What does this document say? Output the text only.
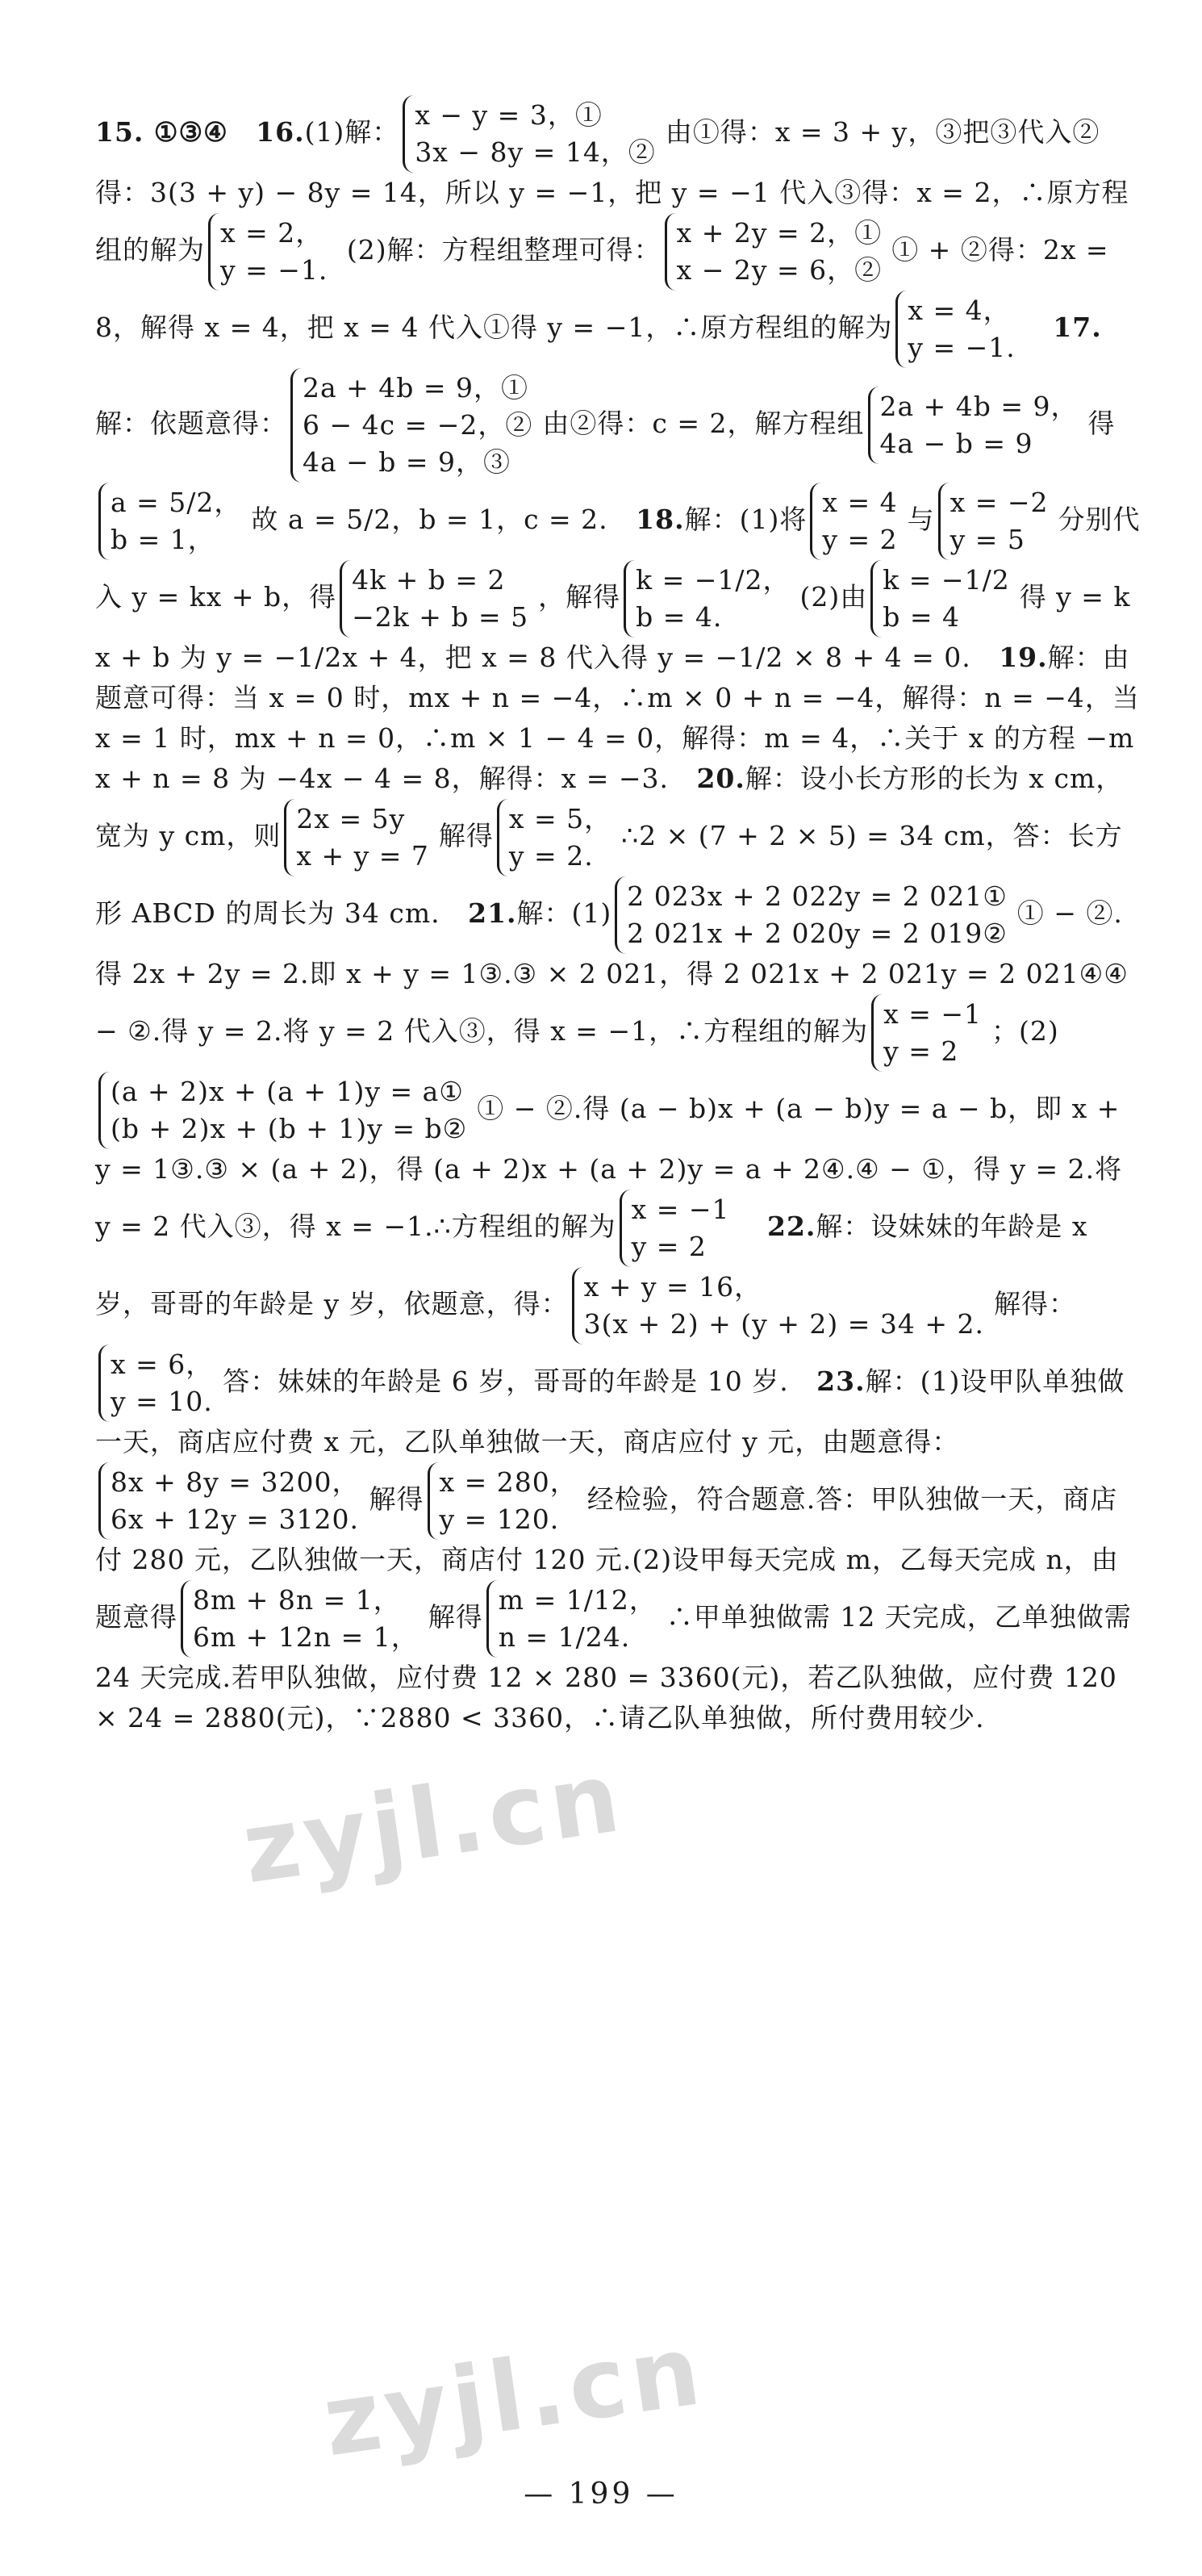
15. ①③④ 16.(1)解：
x − y = 3，①
3x − 8y = 14，②
由①得：x = 3 + y，③把③代入②得：3(3 + y) − 8y = 14，所以 y = −1，把 y = −1 代入③得：x = 2，∴原方程组的解为
x = 2，
y = −1.
(2)解：方程组整理可得：
x + 2y = 2，①
x − 2y = 6，②
① + ②得：2x = 8，解得 x = 4，把 x = 4 代入①得 y = −1，∴原方程组的解为
x = 4，
y = −1.
17.解：依题意得：
2a + 4b = 9，①
6 − 4c = −2，②
4a − b = 9，③
由②得：c = 2，解方程组
2a + 4b = 9，
4a − b = 9
得
a = 5/2，
b = 1，
故 a = 5/2，b = 1，c = 2. 18.解：(1)将
x = 4
y = 2
与
x = −2
y = 5
分别代入 y = kx + b，得
4k + b = 2
−2k + b = 5
，解得
k = −1/2，
b = 4.
(2)由
k = −1/2
b = 4
得 y = kx + b 为 y = −1/2x + 4，把 x = 8 代入得 y = −1/2 × 8 + 4 = 0. 19.解：由题意可得：当 x = 0 时，mx + n = −4，∴m × 0 + n = −4，解得：n = −4，当 x = 1 时，mx + n = 0，∴m × 1 − 4 = 0，解得：m = 4，∴关于 x 的方程 −mx + n = 8 为 −4x − 4 = 8，解得：x = −3. 20.解：设小长方形的长为 x cm，宽为 y cm，则
2x = 5y
x + y = 7
解得
x = 5，
y = 2.
∴2 × (7 + 2 × 5) = 34 cm，答：长方形 ABCD 的周长为 34 cm. 21.解：(1)
2 023x + 2 022y = 2 021①
2 021x + 2 020y = 2 019②
① − ②.得 2x + 2y = 2.即 x + y = 1③.③ × 2 021，得 2 021x + 2 021y = 2 021④④ − ②.得 y = 2.将 y = 2 代入③，得 x = −1，∴方程组的解为
x = −1
y = 2
；(2)
(a + 2)x + (a + 1)y = a①
(b + 2)x + (b + 1)y = b②
① − ②.得 (a − b)x + (a − b)y = a − b，即 x + y = 1③.③ × (a + 2)，得 (a + 2)x + (a + 2)y = a + 2④.④ − ①，得 y = 2.将 y = 2 代入③，得 x = −1.∴方程组的解为
x = −1
y = 2
22.解：设妹妹的年龄是 x 岁，哥哥的年龄是 y 岁，依题意，得：
x + y = 16，
3(x + 2) + (y + 2) = 34 + 2.
解得：
x = 6，
y = 10.
答：妹妹的年龄是 6 岁，哥哥的年龄是 10 岁. 23.解：(1)设甲队单独做一天，商店应付费 x 元，乙队单独做一天，商店应付 y 元，由题意得：
8x + 8y = 3200，
6x + 12y = 3120.
解得
x = 280，
y = 120.
经检验，符合题意.答：甲队独做一天，商店付 280 元，乙队独做一天，商店付 120 元.(2)设甲每天完成 m，乙每天完成 n，由题意得
8m + 8n = 1，
6m + 12n = 1，
解得
m = 1/12，
n = 1/24.
∴甲单独做需 12 天完成，乙单独做需 24 天完成.若甲队独做，应付费 12 × 280 = 3360(元)，若乙队独做，应付费 120 × 24 = 2880(元)，∵2880 < 3360，∴请乙队单独做，所付费用较少.
zyjl.cn
zyjl.cn
— 199 —
